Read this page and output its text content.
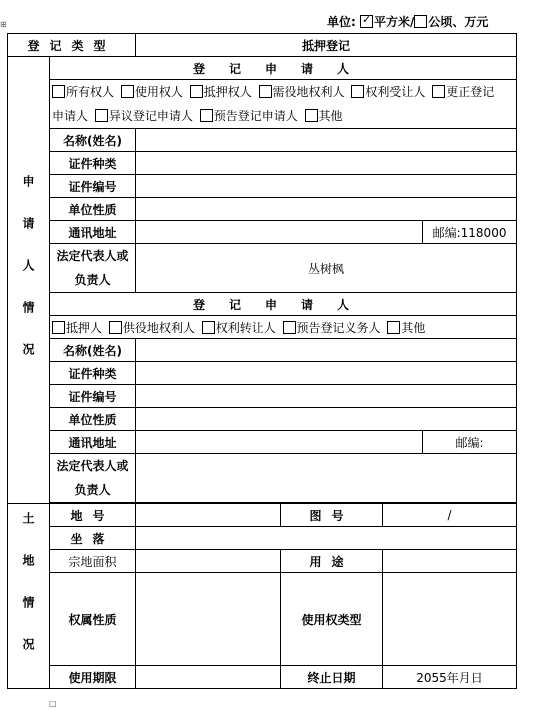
单位: ✓ 平方米/ 公顷、万元
⊞
□
登记类型		抵押登记			
申请人情况	登记申请人				
	所有权人 使用权人 抵押权人 需役地权利人 权利受让人 更正登记
申请人 异议登记申请人 预告登记申请人 其他				
	名称(姓名)				
	证件种类				
	证件编号				
	单位性质				
	通讯地址				邮编:118000
	法定代表人或负责人	丛树枫			
	登记申请人				
	抵押人 供役地权利人 权利转让人 预告登记义务人 其他				
	名称(姓名)				
	证件种类				
	证件编号				
	单位性质				
	通讯地址				邮编:
	法定代表人或负责人				

土地情况	地号		图号	/	
	坐落				
	宗地面积		用途		
	权属性质		使用权类型		
	使用期限		终止日期	2055年月日	
